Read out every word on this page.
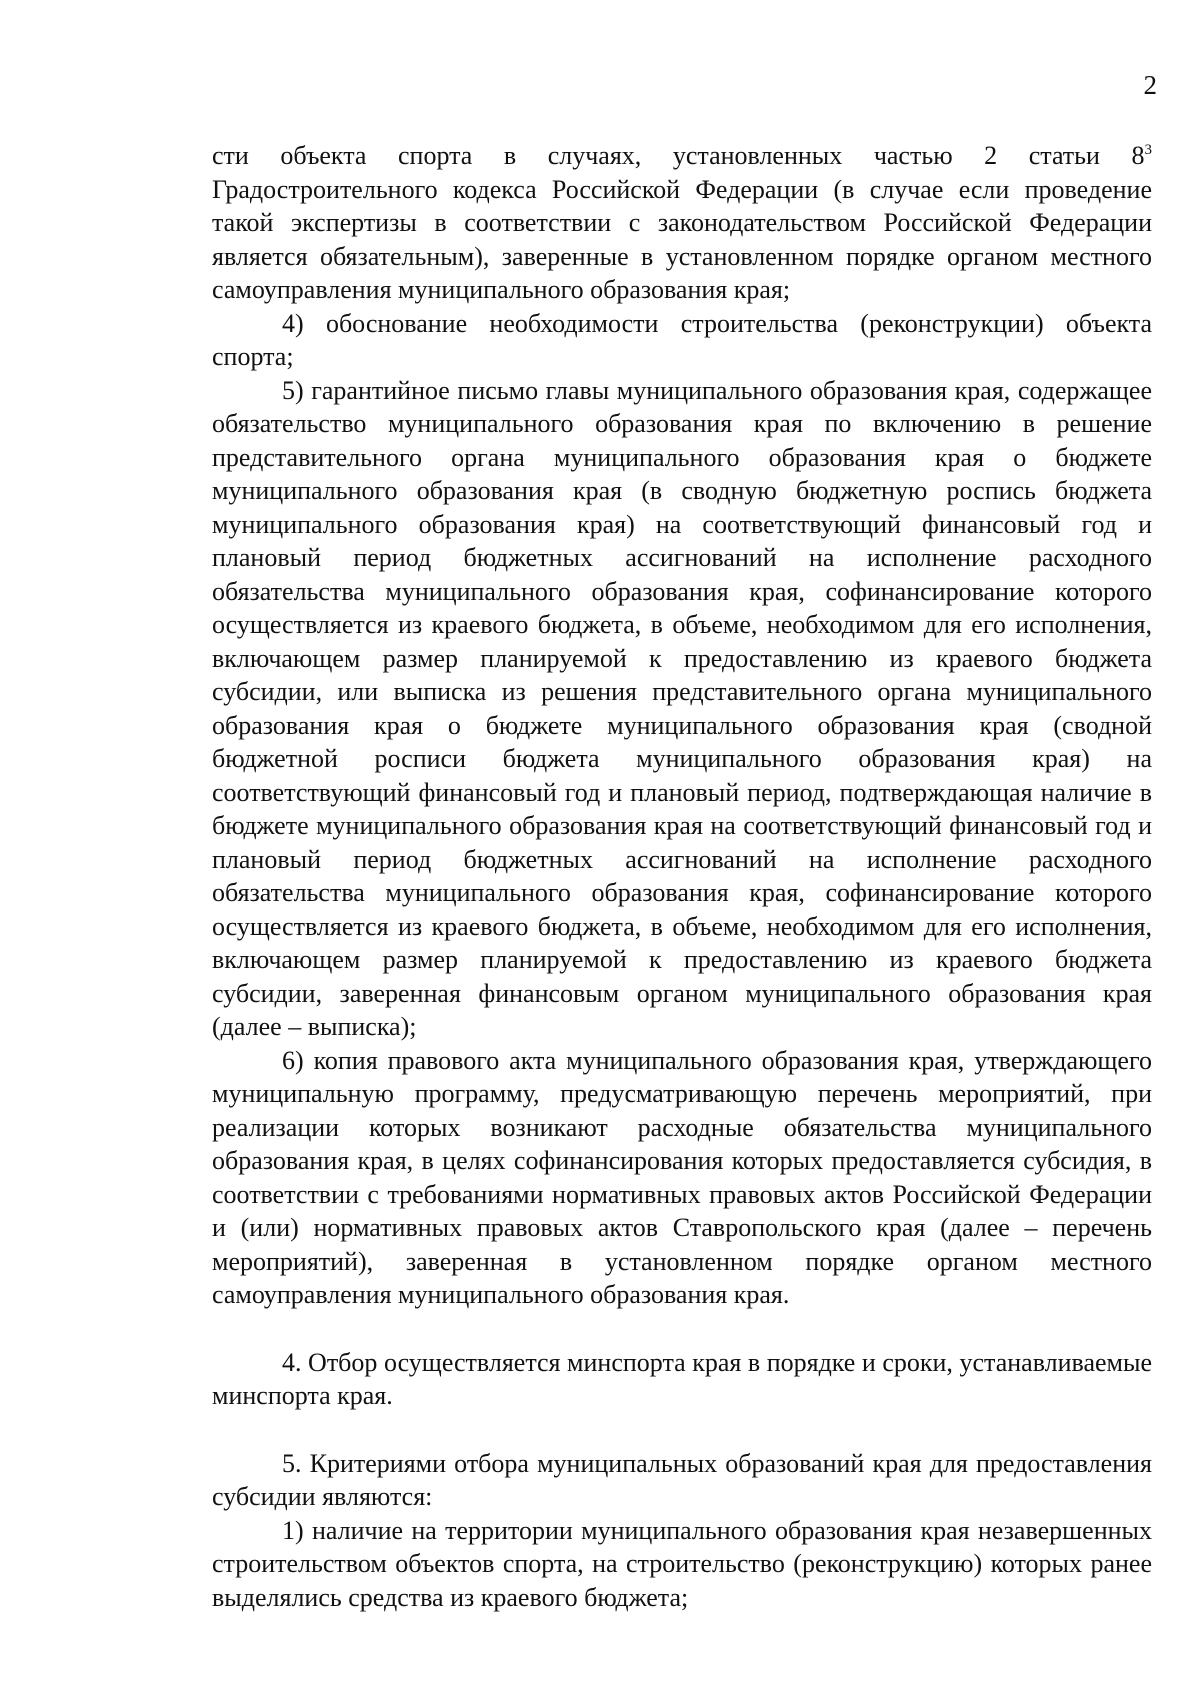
2

сти объекта спорта в случаях, установленных частью 2 статьи $8^3$ Градостроительного кодекса Российской Федерации (в случае если проведение такой экспертизы в соответствии с законодательством Российской Федерации является обязательным), заверенные в установленном порядке органом местного самоуправления муниципального образования края;

4) обоснование необходимости строительства (реконструкции) объекта спорта;

5) гарантийное письмо главы муниципального образования края, содержащее обязательство муниципального образования края по включению в решение представительного органа муниципального образования края о бюджете муниципального образования края (в сводную бюджетную роспись бюджета муниципального образования края) на соответствующий финансовый год и плановый период бюджетных ассигнований на исполнение расходного обязательства муниципального образования края, софинансирование которого осуществляется из краевого бюджета, в объеме, необходимом для его исполнения, включающем размер планируемой к предоставлению из краевого бюджета субсидии, или выписка из решения представительного органа муниципального образования края о бюджете муниципального образования края (сводной бюджетной росписи бюджета муниципального образования края) на соответствующий финансовый год и плановый период, подтверждающая наличие в бюджете муниципального образования края на соответствующий финансовый год и плановый период бюджетных ассигнований на исполнение расходного обязательства муниципального образования края, софинансирование которого осуществляется из краевого бюджета, в объеме, необходимом для его исполнения, включающем размер планируемой к предоставлению из краевого бюджета субсидии, заверенная финансовым органом муниципального образования края (далее – выписка);

6) копия правового акта муниципального образования края, утверждающего муниципальную программу, предусматривающую перечень мероприятий, при реализации которых возникают расходные обязательства муниципального образования края, в целях софинансирования которых предоставляется субсидия, в соответствии с требованиями нормативных правовых актов Российской Федерации и (или) нормативных правовых актов Ставропольского края (далее – перечень мероприятий), заверенная в установленном порядке органом местного самоуправления муниципального образования края.

4. Отбор осуществляется минспорта края в порядке и сроки, устанавливаемые минспорта края.

5. Критериями отбора муниципальных образований края для предоставления субсидии являются:

1) наличие на территории муниципального образования края незавершенных строительством объектов спорта, на строительство (реконструкцию) которых ранее выделялись средства из краевого бюджета;
